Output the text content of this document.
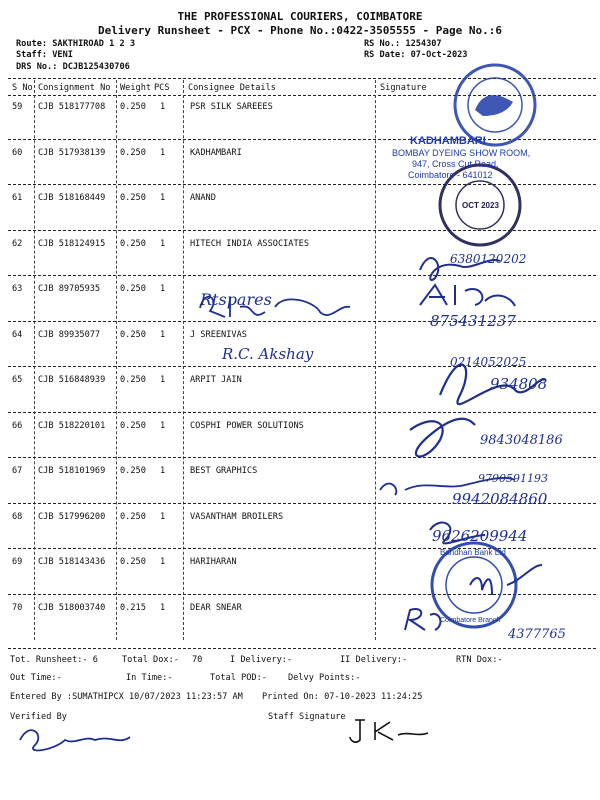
THE PROFESSIONAL COURIERS, COIMBATORE
Delivery Runsheet - PCX - Phone No.:0422-3505555 - Page No.:6
Route: SAKTHIROAD 1 2 3
Staff: VENI
DRS No.: DCJB125430706
RS No.: 1254307
RS Date: 07-Oct-2023
S No Consignment No Weight PCS Consignee Details	Signature
59 CJB 518177708 0.250 1	PSR SILK SAREEES
60 CJB 517938139 0.250 1	KADHAMBARI
61 CJB 518168449 0.250 1	ANAND
62 CJB 518124915 0.250 1	HITECH INDIA ASSOCIATES
63 CJB 89705935 0.250 1
64 CJB 89935077 0.250 1	J SREENIVAS
65 CJB 516848939 0.250 1	ARPIT JAIN
66 CJB 518220101 0.250 1	COSPHI POWER SOLUTIONS
67 CJB 518101969 0.250 1	BEST GRAPHICS
68 CJB 517996200 0.250 1	VASANTHAM BROILERS
69 CJB 518143436 0.250 1	HARIHARAN
70 CJB 518003740 0.215 1	DEAR SNEAR
KADHAMBARI
BOMBAY DYEING SHOW ROOM,
947, Cross Cut Road,
Coimbatore - 641012
OCT 2023
Bandhan Bank Ltd
Coimbatore Branch
Rtspares
R.C. Akshay
6380120202
875431237
0214052025
934808
9843048186
9790591193
9942084860
9626209944
4377765
Tot. Runsheet:- 6	Total Dox:- 70	I Delivery:-	II Delivery:-	RTN Dox:-
Out Time:-	In Time:-	Total POD:- Delvy Points:-
Entered By :SUMATHIPCX 10/07/2023 11:23:57 AM Printed On: 07-10-2023 11:24:25
Verified By	Staff Signature
